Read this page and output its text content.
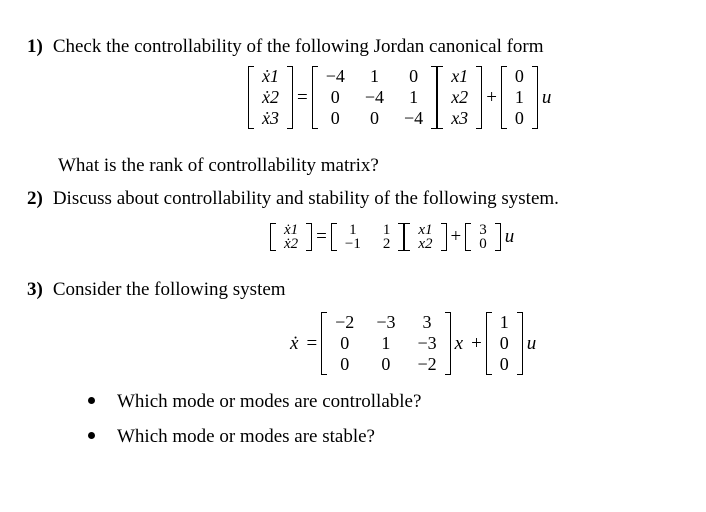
1) Check the controllability of the following Jordan canonical form
ẋ1
ẋ2
ẋ3
=
−4	1	0
0	−4	1
0	0	−4
x1
x2
x3
+
0
1
0
u
What is the rank of controllability matrix?
2) Discuss about controllability and stability of the following system.
ẋ1
ẋ2 =	1	1
−1	2
x1
x2 +	3
0 u
3) Consider the following system
ẋ =
−2	−3	3
0	1	−3
0	0	−2
x +
1
0
0
u
Which mode or modes are controllable?
Which mode or modes are stable?
